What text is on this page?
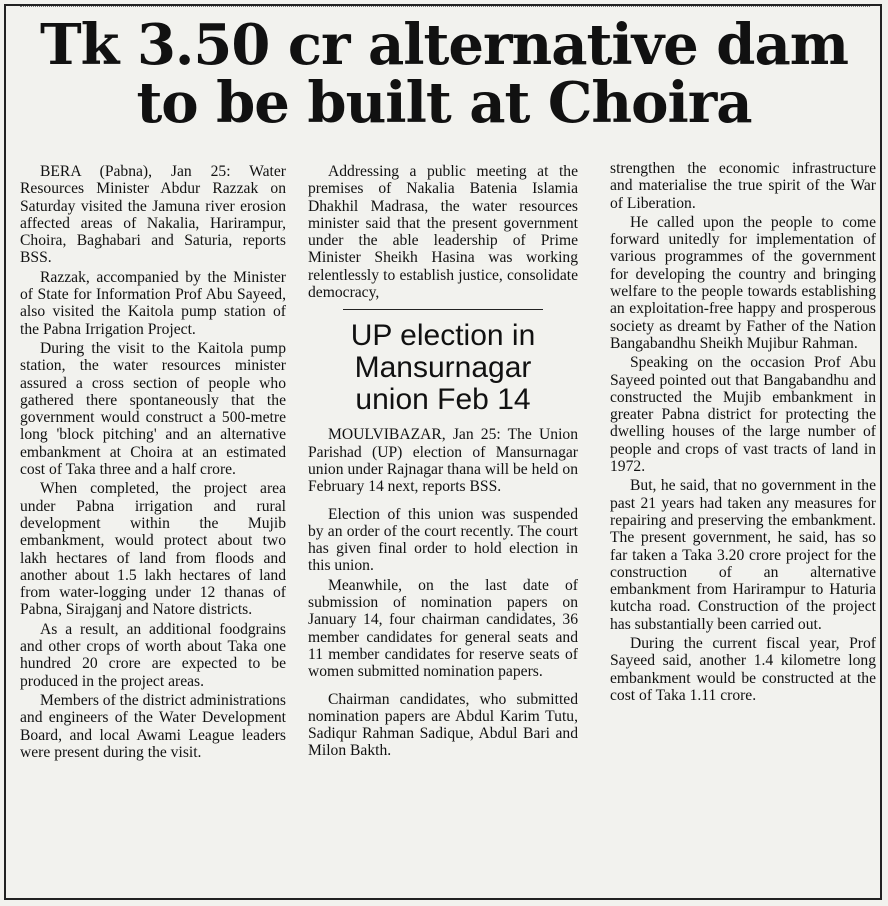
Tk 3.50 cr alternative dam
to be built at Choira

BERA (Pabna), Jan 25: Water Resources Minister Abdur Razzak on Saturday visited the Jamuna river erosion affected areas of Nakalia, Harirampur, Choira, Baghabari and Saturia, reports BSS.

Razzak, accompanied by the Minister of State for Information Prof Abu Sayeed, also visited the Kaitola pump station of the Pabna Irrigation Project.

During the visit to the Kaitola pump station, the water resources minister assured a cross section of people who gathered there spontaneously that the government would construct a 500-metre long 'block pitching' and an alternative embankment at Choira at an estimated cost of Taka three and a half crore.

When completed, the project area under Pabna irrigation and rural development within the Mujib embankment, would protect about two lakh hectares of land from floods and another about 1.5 lakh hectares of land from water-logging under 12 thanas of Pabna, Sirajganj and Natore districts.

As a result, an additional foodgrains and other crops of worth about Taka one hundred 20 crore are expected to be produced in the project areas.

Members of the district administrations and engineers of the Water Development Board, and local Awami League leaders were present during the visit.

Addressing a public meeting at the premises of Nakalia Batenia Islamia Dhakhil Madrasa, the water resources minister said that the present government under the able leadership of Prime Minister Sheikh Hasina was working relentlessly to establish justice, consolidate democracy,

UP election in
Mansurnagar
union Feb 14

MOULVIBAZAR, Jan 25: The Union Parishad (UP) election of Mansurnagar union under Rajnagar thana will be held on February 14 next, reports BSS.

Election of this union was suspended by an order of the court recently. The court has given final order to hold election in this union.

Meanwhile, on the last date of submission of nomination papers on January 14, four chairman candidates, 36 member candidates for general seats and 11 member candidates for reserve seats of women submitted nomination papers.

Chairman candidates, who submitted nomination papers are Abdul Karim Tutu, Sadiqur Rahman Sadique, Abdul Bari and Milon Bakth.

strengthen the economic infrastructure and materialise the true spirit of the War of Liberation.

He called upon the people to come forward unitedly for implementation of various programmes of the government for developing the country and bringing welfare to the people towards establishing an exploitation-free happy and prosperous society as dreamt by Father of the Nation Bangabandhu Sheikh Mujibur Rahman.

Speaking on the occasion Prof Abu Sayeed pointed out that Bangabandhu and constructed the Mujib embankment in greater Pabna district for protecting the dwelling houses of the large number of people and crops of vast tracts of land in 1972.

But, he said, that no government in the past 21 years had taken any measures for repairing and preserving the embankment. The present government, he said, has so far taken a Taka 3.20 crore project for the construction of an alternative embankment from Harirampur to Haturia kutcha road. Construction of the project has substantially been carried out.

During the current fiscal year, Prof Sayeed said, another 1.4 kilometre long embankment would be constructed at the cost of Taka 1.11 crore.
